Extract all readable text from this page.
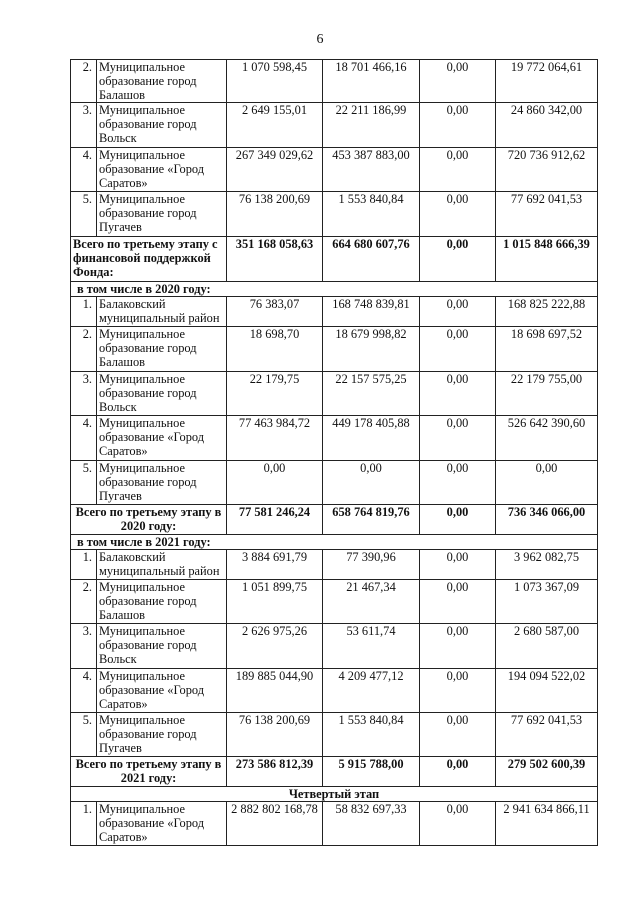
6
2.	Муниципальное образование город Балашов	1 070 598,45	18 701 466,16	0,00	19 772 064,61
3.	Муниципальное образование город Вольск	2 649 155,01	22 211 186,99	0,00	24 860 342,00
4.	Муниципальное образование «Город Саратов»	267 349 029,62	453 387 883,00	0,00	720 736 912,62
5.	Муниципальное образование город Пугачев	76 138 200,69	1 553 840,84	0,00	77 692 041,53
Всего по третьему этапу с финансовой поддержкой Фонда:		351 168 058,63	664 680 607,76	0,00	1 015 848 666,39
в том числе в 2020 году:					
1.	Балаковский муниципальный район	76 383,07	168 748 839,81	0,00	168 825 222,88
2.	Муниципальное образование город Балашов	18 698,70	18 679 998,82	0,00	18 698 697,52
3.	Муниципальное образование город Вольск	22 179,75	22 157 575,25	0,00	22 179 755,00
4.	Муниципальное образование «Город Саратов»	77 463 984,72	449 178 405,88	0,00	526 642 390,60
5.	Муниципальное образование город Пугачев	0,00	0,00	0,00	0,00
Всего по третьему этапу в 2020 году:		77 581 246,24	658 764 819,76	0,00	736 346 066,00
в том числе в 2021 году:					
1.	Балаковский муниципальный район	3 884 691,79	77 390,96	0,00	3 962 082,75
2.	Муниципальное образование город Балашов	1 051 899,75	21 467,34	0,00	1 073 367,09
3.	Муниципальное образование город Вольск	2 626 975,26	53 611,74	0,00	2 680 587,00
4.	Муниципальное образование «Город Саратов»	189 885 044,90	4 209 477,12	0,00	194 094 522,02
5.	Муниципальное образование город Пугачев	76 138 200,69	1 553 840,84	0,00	77 692 041,53
Всего по третьему этапу в 2021 году:		273 586 812,39	5 915 788,00	0,00	279 502 600,39
Четвертый этап					
1.	Муниципальное образование «Город Саратов»	2 882 802 168,78	58 832 697,33	0,00	2 941 634 866,11
